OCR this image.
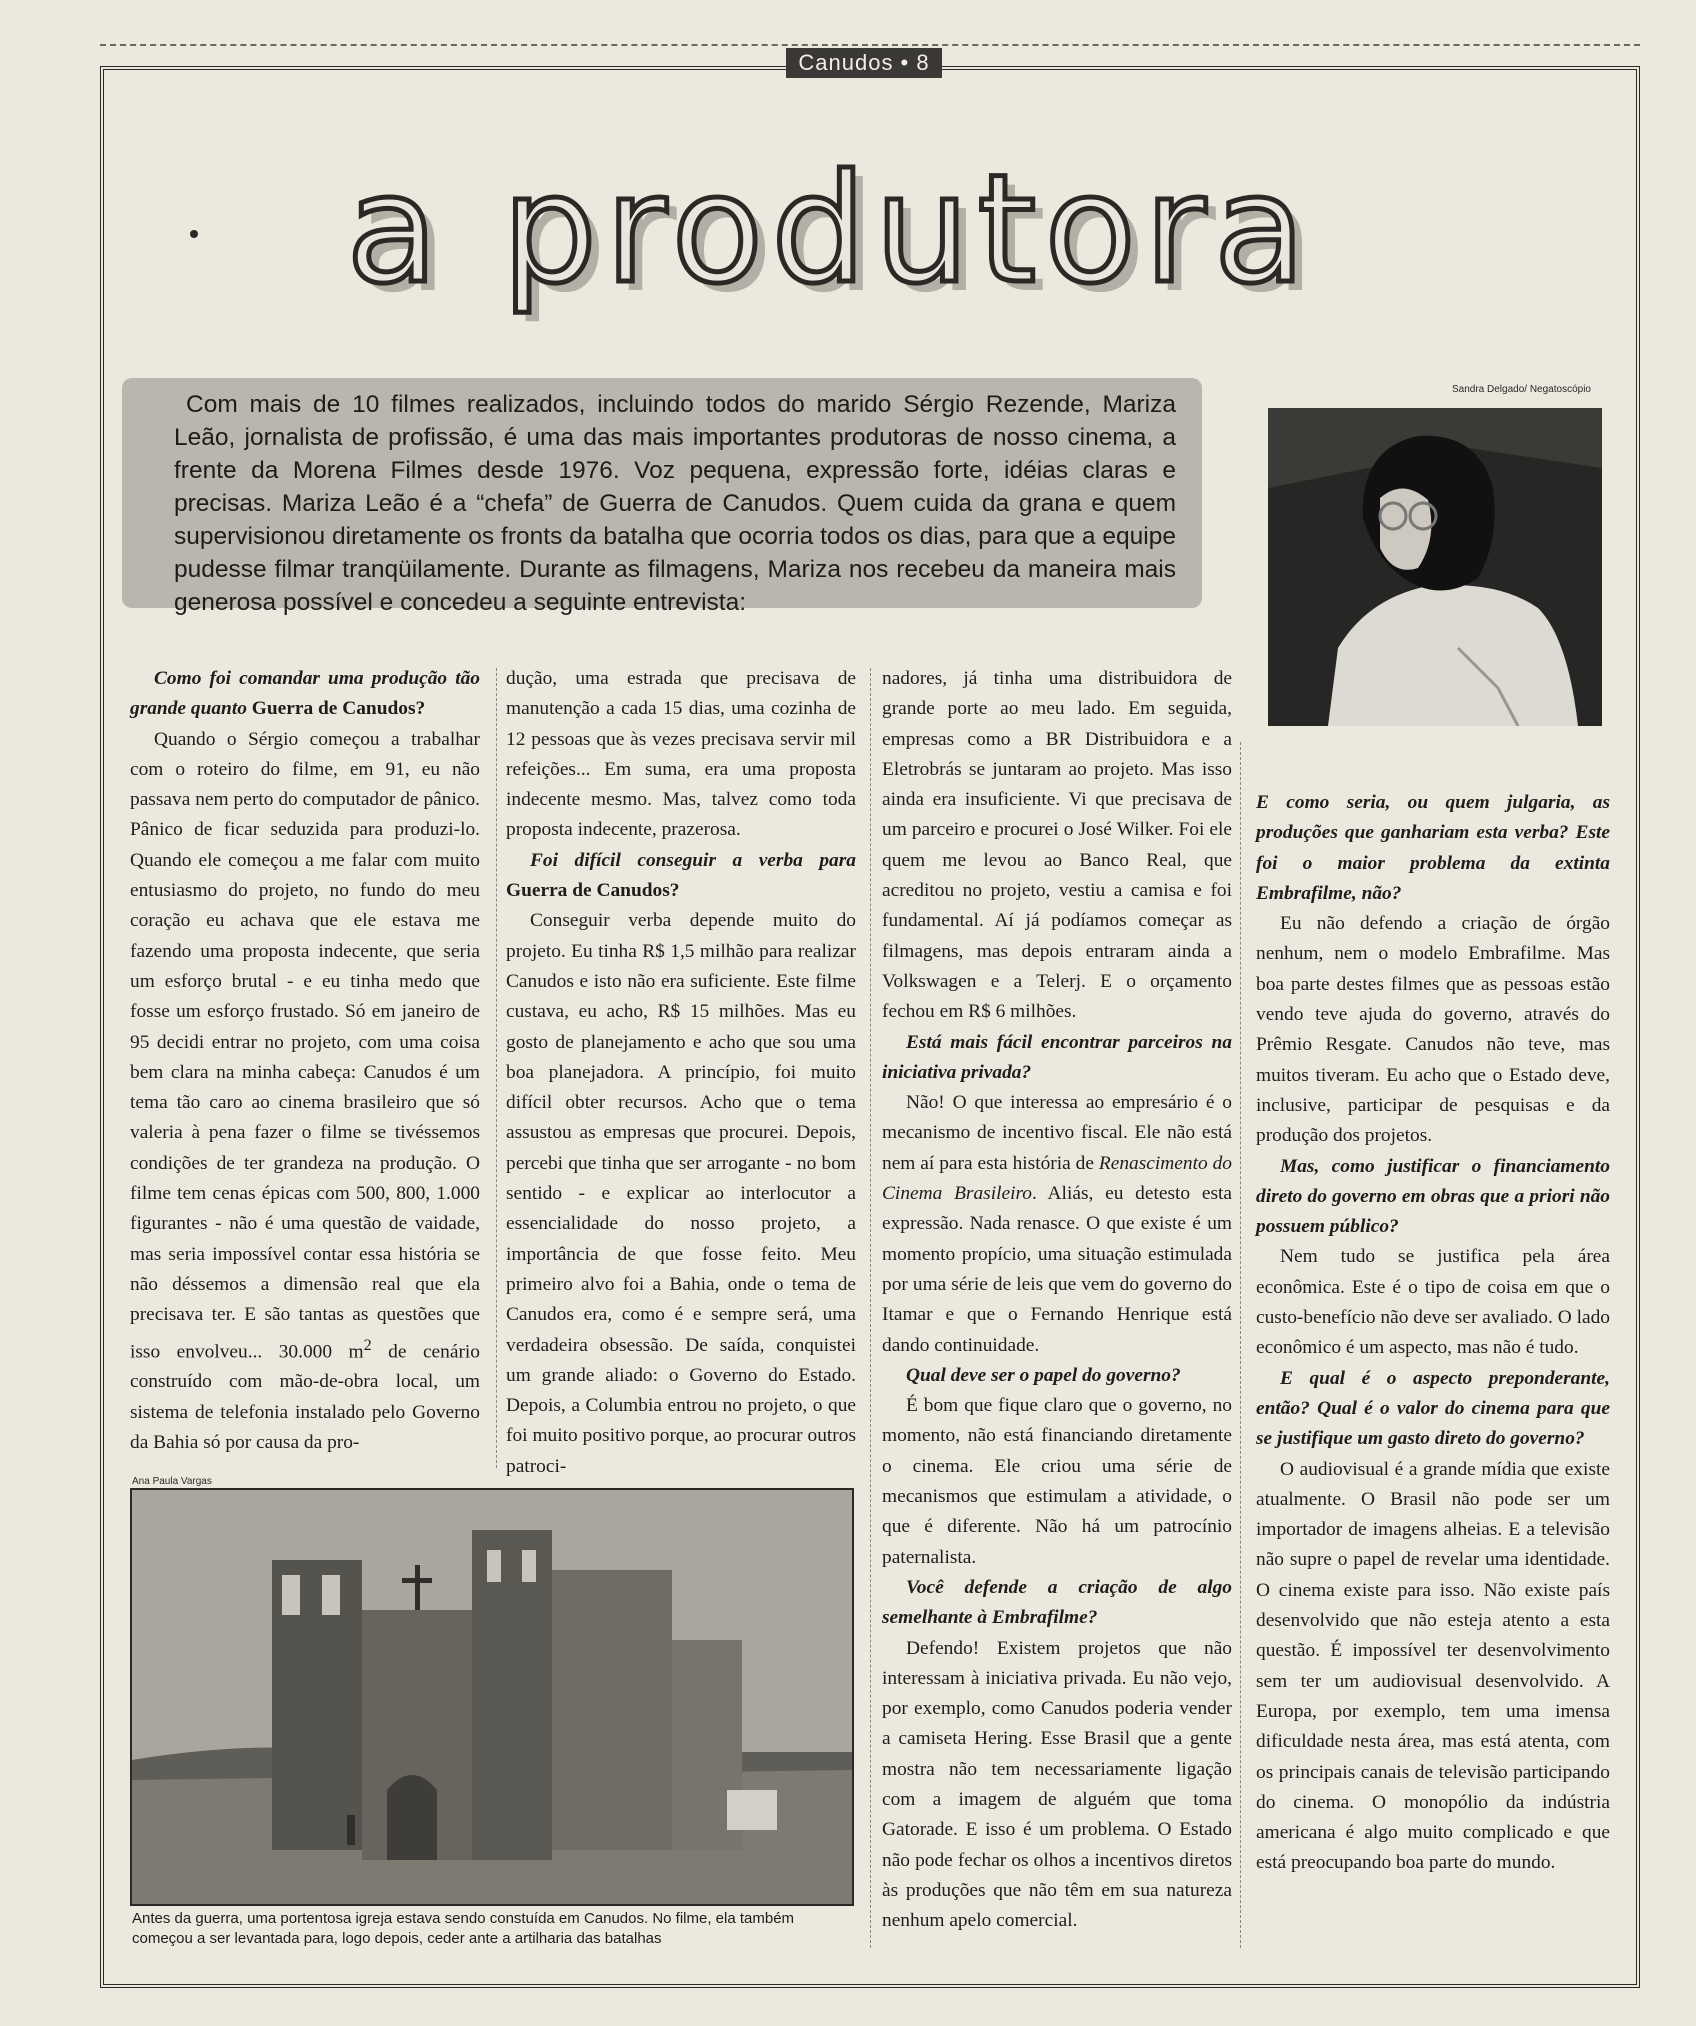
Canudos • 8
a produtora

Com mais de 10 filmes realizados, incluindo todos do marido Sérgio Rezende, Mariza Leão, jornalista de profissão, é uma das mais importantes produtoras de nosso cinema, a frente da Morena Filmes desde 1976. Voz pequena, expressão forte, idéias claras e precisas. Mariza Leão é a “chefa” de Guerra de Canudos. Quem cuida da grana e quem supervisionou diretamente os fronts da batalha que ocorria todos os dias, para que a equipe pudesse filmar tranqüilamente. Durante as filmagens, Mariza nos recebeu da maneira mais generosa possível e concedeu a seguinte entrevista:

Sandra Delgado/ Negatoscópio
Ana Paula Vargas
Antes da guerra, uma portentosa igreja estava sendo constuída em Canudos. No filme, ela também começou a ser levantada para, logo depois, ceder ante a artilharia das batalhas

Como foi comandar uma produção tão grande quanto Guerra de Canudos?

Quando o Sérgio começou a trabalhar com o roteiro do filme, em 91, eu não passava nem perto do computador de pânico. Pânico de ficar seduzida para produzi-lo. Quando ele começou a me falar com muito entusiasmo do projeto, no fundo do meu coração eu achava que ele estava me fazendo uma proposta indecente, que seria um esforço brutal - e eu tinha medo que fosse um esforço frustado. Só em janeiro de 95 decidi entrar no projeto, com uma coisa bem clara na minha cabeça: Canudos é um tema tão caro ao cinema brasileiro que só valeria à pena fazer o filme se tivéssemos condições de ter grandeza na produção. O filme tem cenas épicas com 500, 800, 1.000 figurantes - não é uma questão de vaidade, mas seria impossível contar essa história se não déssemos a dimensão real que ela precisava ter. E são tantas as questões que isso envolveu... 30.000 $m^2$ de cenário construído com mão-de-obra local, um sistema de telefonia instalado pelo Governo da Bahia só por causa da pro-

dução, uma estrada que precisava de manutenção a cada 15 dias, uma cozinha de 12 pessoas que às vezes precisava servir mil refeições... Em suma, era uma proposta indecente mesmo. Mas, talvez como toda proposta indecente, prazerosa.

Foi difícil conseguir a verba para Guerra de Canudos?

Conseguir verba depende muito do projeto. Eu tinha R$ 1,5 milhão para realizar Canudos e isto não era suficiente. Este filme custava, eu acho, R$ 15 milhões. Mas eu gosto de planejamento e acho que sou uma boa planejadora. A princípio, foi muito difícil obter recursos. Acho que o tema assustou as empresas que procurei. Depois, percebi que tinha que ser arrogante - no bom sentido - e explicar ao interlocutor a essencialidade do nosso projeto, a importância de que fosse feito. Meu primeiro alvo foi a Bahia, onde o tema de Canudos era, como é e sempre será, uma verdadeira obsessão. De saída, conquistei um grande aliado: o Governo do Estado. Depois, a Columbia entrou no projeto, o que foi muito positivo porque, ao procurar outros patroci-

nadores, já tinha uma distribuidora de grande porte ao meu lado. Em seguida, empresas como a BR Distribuidora e a Eletrobrás se juntaram ao projeto. Mas isso ainda era insuficiente. Vi que precisava de um parceiro e procurei o José Wilker. Foi ele quem me levou ao Banco Real, que acreditou no projeto, vestiu a camisa e foi fundamental. Aí já podíamos começar as filmagens, mas depois entraram ainda a Volkswagen e a Telerj. E o orçamento fechou em R$ 6 milhões.

Está mais fácil encontrar parceiros na iniciativa privada?

Não! O que interessa ao empresário é o mecanismo de incentivo fiscal. Ele não está nem aí para esta história de Renascimento do Cinema Brasileiro. Aliás, eu detesto esta expressão. Nada renasce. O que existe é um momento propício, uma situação estimulada por uma série de leis que vem do governo do Itamar e que o Fernando Henrique está dando continuidade.

Qual deve ser o papel do governo?

É bom que fique claro que o governo, no momento, não está financiando diretamente o cinema. Ele criou uma série de mecanismos que estimulam a atividade, o que é diferente. Não há um patrocínio paternalista.

Você defende a criação de algo semelhante à Embrafilme?

Defendo! Existem projetos que não interessam à iniciativa privada. Eu não vejo, por exemplo, como Canudos poderia vender a camiseta Hering. Esse Brasil que a gente mostra não tem necessariamente ligação com a imagem de alguém que toma Gatorade. E isso é um problema. O Estado não pode fechar os olhos a incentivos diretos às produções que não têm em sua natureza nenhum apelo comercial.

E como seria, ou quem julgaria, as produções que ganhariam esta verba? Este foi o maior problema da extinta Embrafilme, não?

Eu não defendo a criação de órgão nenhum, nem o modelo Embrafilme. Mas boa parte destes filmes que as pessoas estão vendo teve ajuda do governo, através do Prêmio Resgate. Canudos não teve, mas muitos tiveram. Eu acho que o Estado deve, inclusive, participar de pesquisas e da produção dos projetos.

Mas, como justificar o financiamento direto do governo em obras que a priori não possuem público?

Nem tudo se justifica pela área econômica. Este é o tipo de coisa em que o custo-benefício não deve ser avaliado. O lado econômico é um aspecto, mas não é tudo.

E qual é o aspecto preponderante, então? Qual é o valor do cinema para que se justifique um gasto direto do governo?

O audiovisual é a grande mídia que existe atualmente. O Brasil não pode ser um importador de imagens alheias. E a televisão não supre o papel de revelar uma identidade. O cinema existe para isso. Não existe país desenvolvido que não esteja atento a esta questão. É impossível ter desenvolvimento sem ter um audiovisual desenvolvido. A Europa, por exemplo, tem uma imensa dificuldade nesta área, mas está atenta, com os principais canais de televisão participando do cinema. O monopólio da indústria americana é algo muito complicado e que está preocupando boa parte do mundo.
